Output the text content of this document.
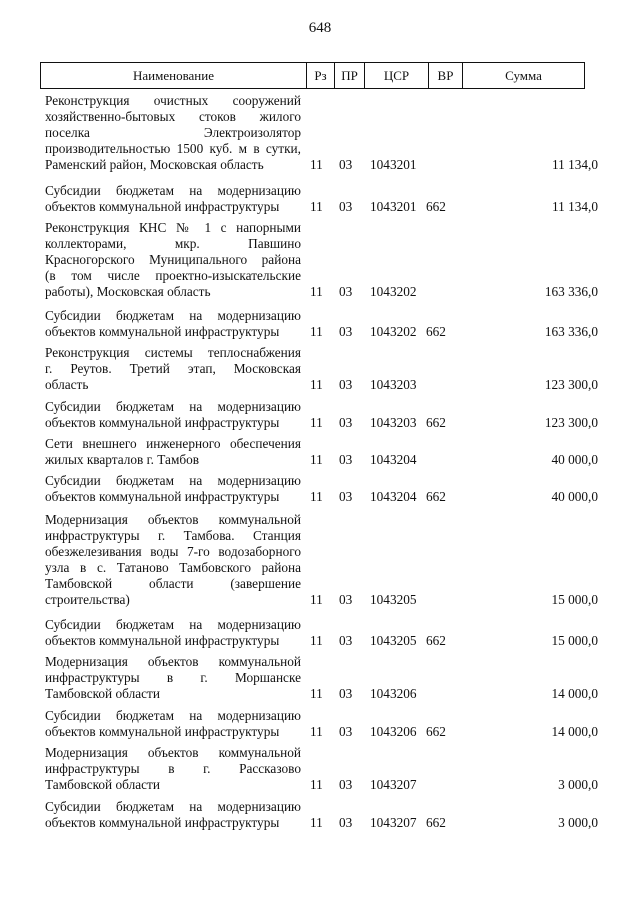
648
Наименование	Рз	ПР	ЦСР	ВР	Сумма
Реконструкция очистных сооружений
хозяйственно-бытовых стоков жилого
поселка Электроизолятор
производительностью 1500 куб. м в сутки,
Раменский район, Московская область	11 03 1043201	11 134,0
Субсидии бюджетам на модернизацию
объектов коммунальной инфраструктуры	11 03 1043201 662	11 134,0
Реконструкция КНС № 1 с напорными
коллекторами, мкр. Павшино
Красногорского Муниципального района
(в том числе проектно-изыскательские
работы), Московская область	11 03 1043202	163 336,0
Субсидии бюджетам на модернизацию
объектов коммунальной инфраструктуры	11 03 1043202 662	163 336,0
Реконструкция системы теплоснабжения
г. Реутов. Третий этап, Московская
область	11 03 1043203	123 300,0
Субсидии бюджетам на модернизацию
объектов коммунальной инфраструктуры	11 03 1043203 662	123 300,0
Сети внешнего инженерного обеспечения
жилых кварталов г. Тамбов	11 03 1043204	40 000,0
Субсидии бюджетам на модернизацию
объектов коммунальной инфраструктуры	11 03 1043204 662	40 000,0
Модернизация объектов коммунальной
инфраструктуры г. Тамбова. Станция
обезжелезивания воды 7-го водозаборного
узла в с. Татаново Тамбовского района
Тамбовской области (завершение
строительства)	11 03 1043205	15 000,0
Субсидии бюджетам на модернизацию
объектов коммунальной инфраструктуры	11 03 1043205 662	15 000,0
Модернизация объектов коммунальной
инфраструктуры в г. Моршанске
Тамбовской области	11 03 1043206	14 000,0
Субсидии бюджетам на модернизацию
объектов коммунальной инфраструктуры	11 03 1043206 662	14 000,0
Модернизация объектов коммунальной
инфраструктуры в г. Рассказово
Тамбовской области	11 03 1043207	3 000,0
Субсидии бюджетам на модернизацию
объектов коммунальной инфраструктуры	11 03 1043207 662	3 000,0
